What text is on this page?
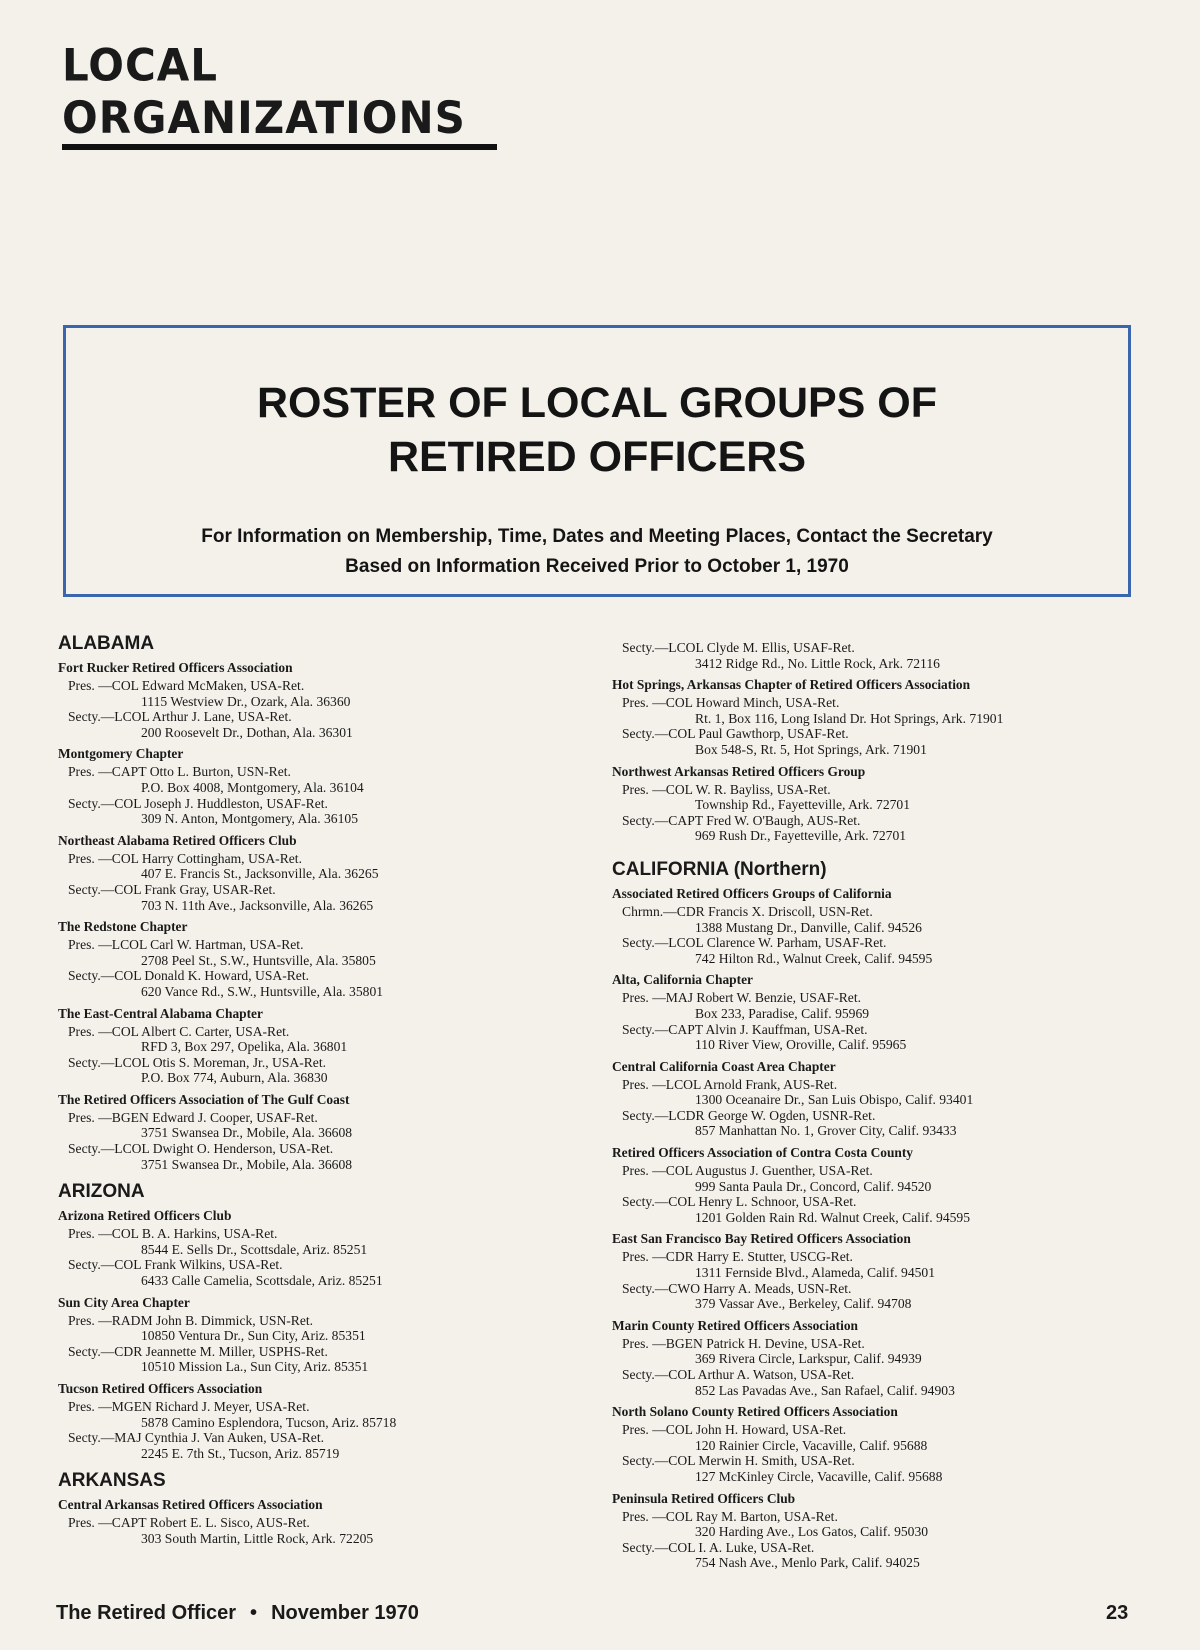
LOCAL ORGANIZATIONS
ROSTER OF LOCAL GROUPS OF
RETIRED OFFICERS
For Information on Membership, Time, Dates and Meeting Places, Contact the Secretary
Based on Information Received Prior to October 1, 1970
ALABAMA
Fort Rucker Retired Officers Association
Pres. —COL Edward McMaken, USA-Ret.
1115 Westview Dr., Ozark, Ala. 36360
Secty.—LCOL Arthur J. Lane, USA-Ret.
200 Roosevelt Dr., Dothan, Ala. 36301
Montgomery Chapter
Pres. —CAPT Otto L. Burton, USN-Ret.
P.O. Box 4008, Montgomery, Ala. 36104
Secty.—COL Joseph J. Huddleston, USAF-Ret.
309 N. Anton, Montgomery, Ala. 36105
Northeast Alabama Retired Officers Club
Pres. —COL Harry Cottingham, USA-Ret.
407 E. Francis St., Jacksonville, Ala. 36265
Secty.—COL Frank Gray, USAR-Ret.
703 N. 11th Ave., Jacksonville, Ala. 36265
The Redstone Chapter
Pres. —LCOL Carl W. Hartman, USA-Ret.
2708 Peel St., S.W., Huntsville, Ala. 35805
Secty.—COL Donald K. Howard, USA-Ret.
620 Vance Rd., S.W., Huntsville, Ala. 35801
The East-Central Alabama Chapter
Pres. —COL Albert C. Carter, USA-Ret.
RFD 3, Box 297, Opelika, Ala. 36801
Secty.—LCOL Otis S. Moreman, Jr., USA-Ret.
P.O. Box 774, Auburn, Ala. 36830
The Retired Officers Association of The Gulf Coast
Pres. —BGEN Edward J. Cooper, USAF-Ret.
3751 Swansea Dr., Mobile, Ala. 36608
Secty.—LCOL Dwight O. Henderson, USA-Ret.
3751 Swansea Dr., Mobile, Ala. 36608
ARIZONA
Arizona Retired Officers Club
Pres. —COL B. A. Harkins, USA-Ret.
8544 E. Sells Dr., Scottsdale, Ariz. 85251
Secty.—COL Frank Wilkins, USA-Ret.
6433 Calle Camelia, Scottsdale, Ariz. 85251
Sun City Area Chapter
Pres. —RADM John B. Dimmick, USN-Ret.
10850 Ventura Dr., Sun City, Ariz. 85351
Secty.—CDR Jeannette M. Miller, USPHS-Ret.
10510 Mission La., Sun City, Ariz. 85351
Tucson Retired Officers Association
Pres. —MGEN Richard J. Meyer, USA-Ret.
5878 Camino Esplendora, Tucson, Ariz. 85718
Secty.—MAJ Cynthia J. Van Auken, USA-Ret.
2245 E. 7th St., Tucson, Ariz. 85719
ARKANSAS
Central Arkansas Retired Officers Association
Pres. —CAPT Robert E. L. Sisco, AUS-Ret.
303 South Martin, Little Rock, Ark. 72205
Secty.—LCOL Clyde M. Ellis, USAF-Ret.
3412 Ridge Rd., No. Little Rock, Ark. 72116
Hot Springs, Arkansas Chapter of Retired Officers Association
Pres. —COL Howard Minch, USA-Ret.
Rt. 1, Box 116, Long Island Dr. Hot Springs, Ark. 71901
Secty.—COL Paul Gawthorp, USAF-Ret.
Box 548-S, Rt. 5, Hot Springs, Ark. 71901
Northwest Arkansas Retired Officers Group
Pres. —COL W. R. Bayliss, USA-Ret.
Township Rd., Fayetteville, Ark. 72701
Secty.—CAPT Fred W. O'Baugh, AUS-Ret.
969 Rush Dr., Fayetteville, Ark. 72701
CALIFORNIA (Northern)
Associated Retired Officers Groups of California
Chrmn.—CDR Francis X. Driscoll, USN-Ret.
1388 Mustang Dr., Danville, Calif. 94526
Secty.—LCOL Clarence W. Parham, USAF-Ret.
742 Hilton Rd., Walnut Creek, Calif. 94595
Alta, California Chapter
Pres. —MAJ Robert W. Benzie, USAF-Ret.
Box 233, Paradise, Calif. 95969
Secty.—CAPT Alvin J. Kauffman, USA-Ret.
110 River View, Oroville, Calif. 95965
Central California Coast Area Chapter
Pres. —LCOL Arnold Frank, AUS-Ret.
1300 Oceanaire Dr., San Luis Obispo, Calif. 93401
Secty.—LCDR George W. Ogden, USNR-Ret.
857 Manhattan No. 1, Grover City, Calif. 93433
Retired Officers Association of Contra Costa County
Pres. —COL Augustus J. Guenther, USA-Ret.
999 Santa Paula Dr., Concord, Calif. 94520
Secty.—COL Henry L. Schnoor, USA-Ret.
1201 Golden Rain Rd. Walnut Creek, Calif. 94595
East San Francisco Bay Retired Officers Association
Pres. —CDR Harry E. Stutter, USCG-Ret.
1311 Fernside Blvd., Alameda, Calif. 94501
Secty.—CWO Harry A. Meads, USN-Ret.
379 Vassar Ave., Berkeley, Calif. 94708
Marin County Retired Officers Association
Pres. —BGEN Patrick H. Devine, USA-Ret.
369 Rivera Circle, Larkspur, Calif. 94939
Secty.—COL Arthur A. Watson, USA-Ret.
852 Las Pavadas Ave., San Rafael, Calif. 94903
North Solano County Retired Officers Association
Pres. —COL John H. Howard, USA-Ret.
120 Rainier Circle, Vacaville, Calif. 95688
Secty.—COL Merwin H. Smith, USA-Ret.
127 McKinley Circle, Vacaville, Calif. 95688
Peninsula Retired Officers Club
Pres. —COL Ray M. Barton, USA-Ret.
320 Harding Ave., Los Gatos, Calif. 95030
Secty.—COL I. A. Luke, USA-Ret.
754 Nash Ave., Menlo Park, Calif. 94025
The Retired Officer • November 1970	23
